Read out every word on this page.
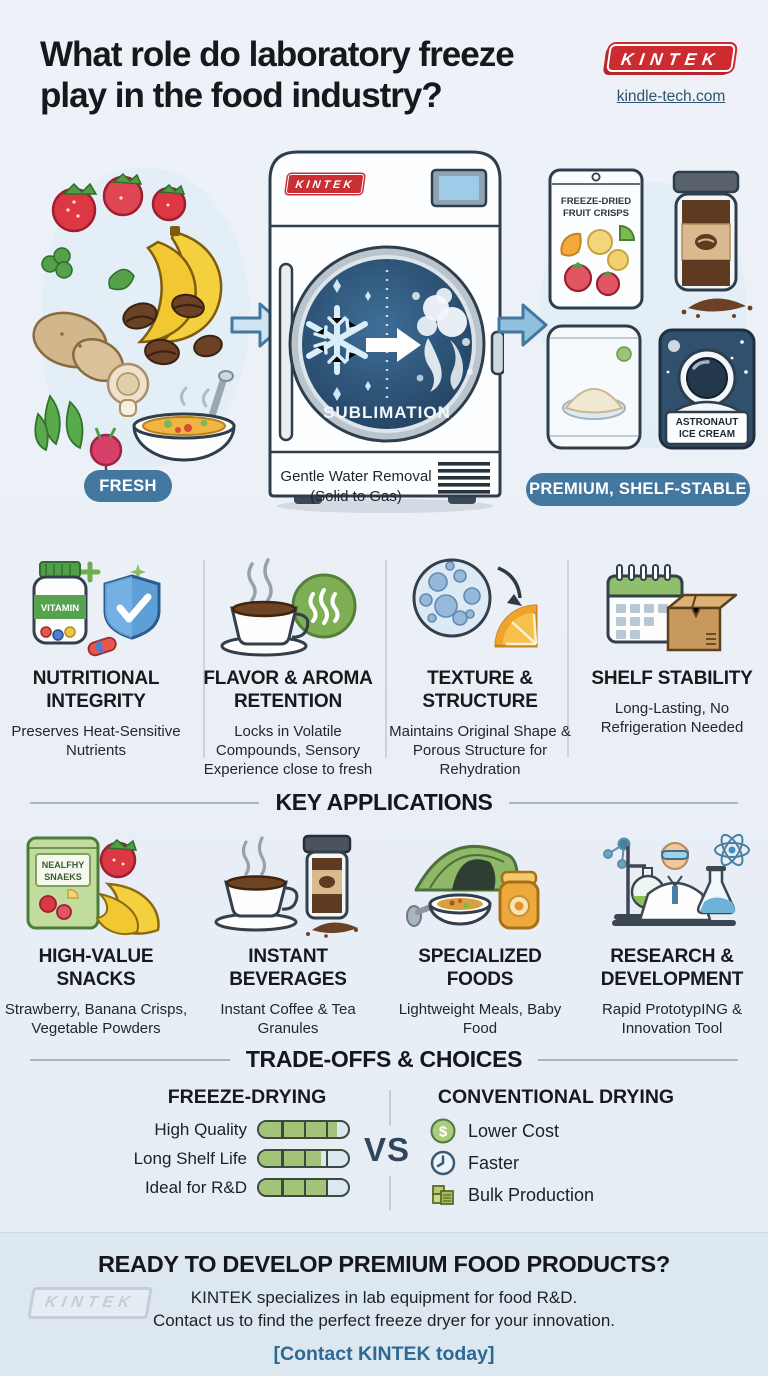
What role do laboratory freeze
play in the food industry?
KINTEK
kindle-tech.com
KINTEK
SUBLIMATION
Gentle Water Removal
(Solid to Gas)
FREEZE-DRIED
FRUIT CRISPS
ASTRONAUT
ICE CREAM
FRESH	PREMIUM, SHELF-STABLE
VITAMIN
NUTRITIONAL INTEGRITY

Preserves Heat-Sensitive Nutrients

FLAVOR & AROMA RETENTION

Locks in Volatile Compounds, Sensory Experience close to fresh

TEXTURE & STRUCTURE

Maintains Original Shape & Porous Structure for Rehydration

SHELF STABILITY

Long-Lasting, No Refrigeration Needed

KEY APPLICATIONS
NEALFHY
SNAEKS
HIGH-VALUE SNACKS

Strawberry, Banana Crisps, Vegetable Powders

INSTANT BEVERAGES

Instant Coffee & Tea Granules

SPECIALIZED FOODS

Lightweight Meals, Baby Food

RESEARCH & DEVELOPMENT

Rapid PrototypING & Innovation Tool

TRADE-OFFS & CHOICES
FREEZE-DRYING	CONVENTIONAL DRYING
High Quality
Long Shelf Life
Ideal for R&D
VS	$ Lower Cost
Faster
Bulk Production
READY TO DEVELOP PREMIUM FOOD PRODUCTS?
KINTEK specializes in lab equipment for food R&D.
Contact us to find the perfect freeze dryer for your innovation.
[Contact KINTEK today]
KINTEK
